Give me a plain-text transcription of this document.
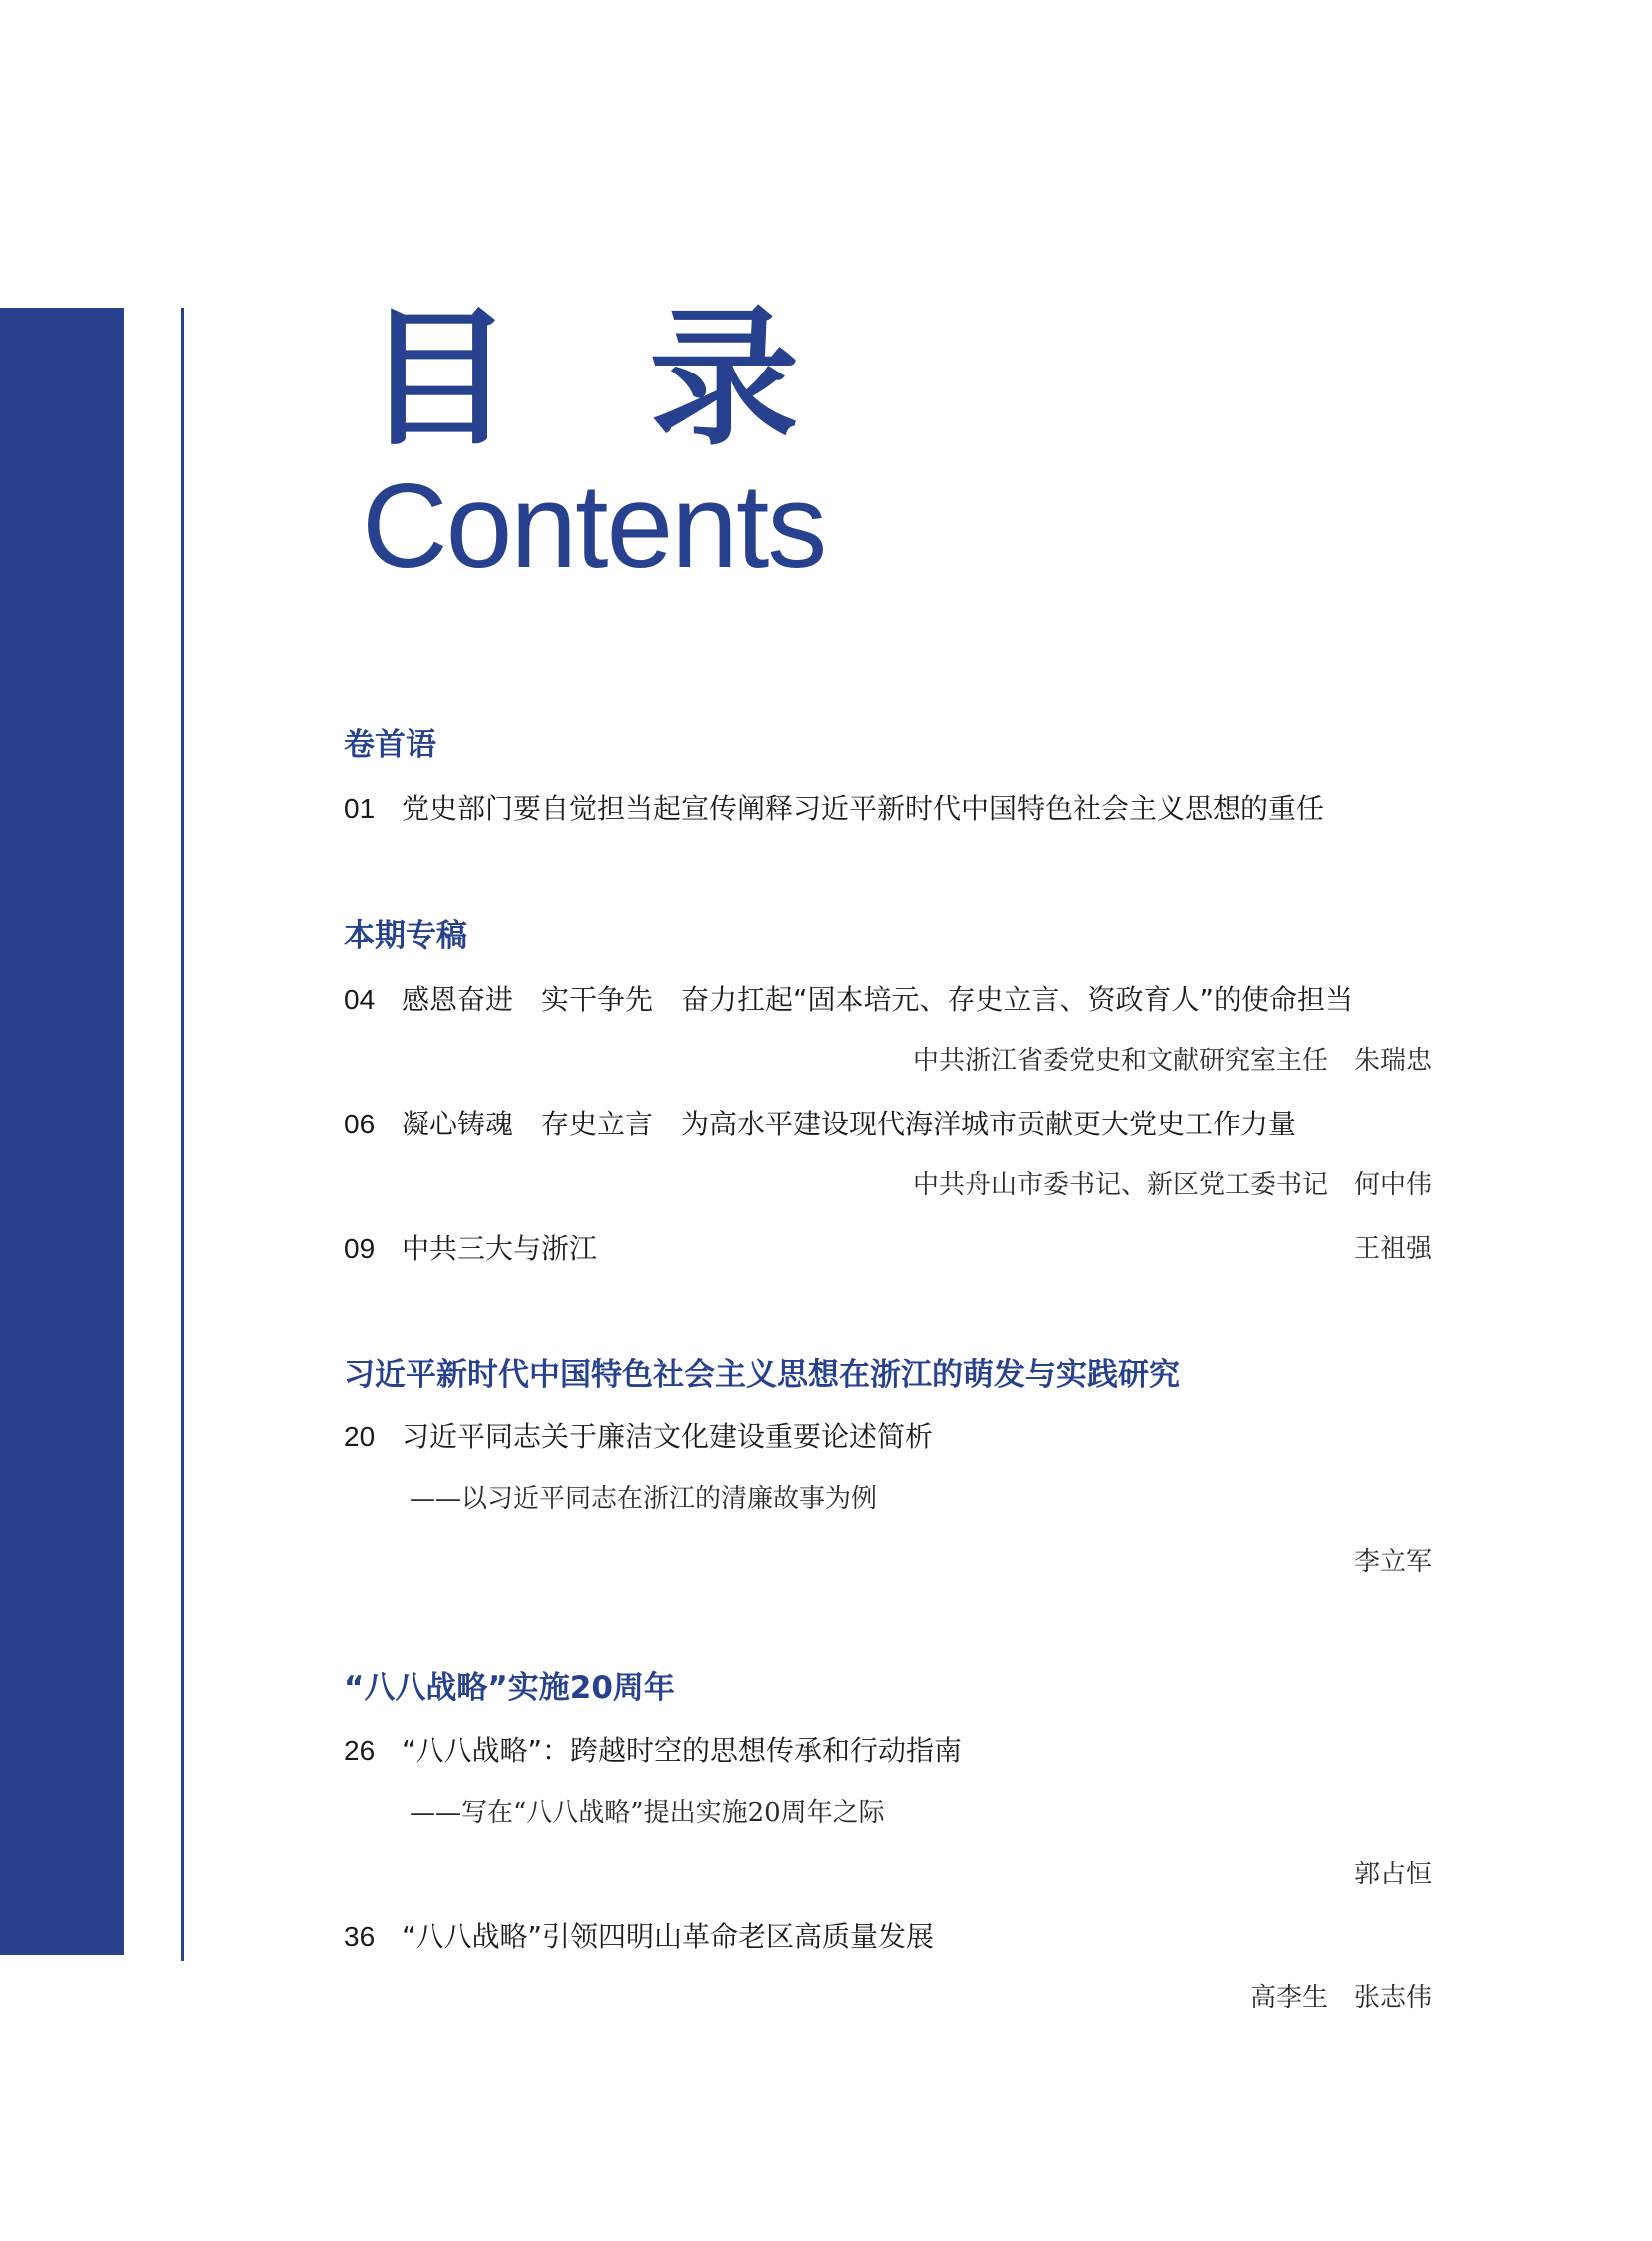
目 录
Contents
卷首语
01 党史部门要自觉担当起宣传阐释习近平新时代中国特色社会主义思想的重任
本期专稿
04 感恩奋进　实干争先　奋力扛起“固本培元、存史立言、资政育人”的使命担当
中共浙江省委党史和文献研究室主任　朱瑞忠
06 凝心铸魂　存史立言　为高水平建设现代海洋城市贡献更大党史工作力量
中共舟山市委书记、新区党工委书记　何中伟
09 中共三大与浙江	王祖强
习近平新时代中国特色社会主义思想在浙江的萌发与实践研究
20 习近平同志关于廉洁文化建设重要论述简析
——以习近平同志在浙江的清廉故事为例
李立军
“八八战略”实施20周年
26 “八八战略”：跨越时空的思想传承和行动指南
——写在“八八战略”提出实施20周年之际
郭占恒
36 “八八战略”引领四明山革命老区高质量发展
高李生　张志伟
